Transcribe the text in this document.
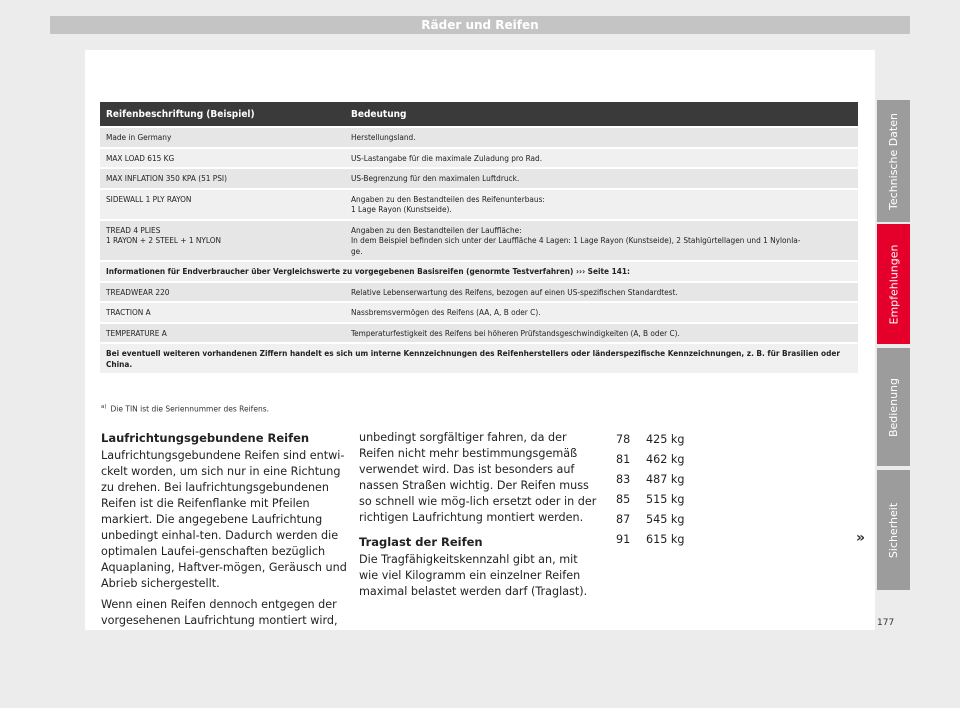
Räder und Reifen
Reifenbeschriftung (Beispiel)	Bedeutung
Made in Germany	Herstellungsland.
MAX LOAD 615 KG	US-Lastangabe für die maximale Zuladung pro Rad.
MAX INFLATION 350 KPA (51 PSI)	US-Begrenzung für den maximalen Luftdruck.
SIDEWALL 1 PLY RAYON	Angaben zu den Bestandteilen des Reifenunterbaus:
1 Lage Rayon (Kunstseide).
TREAD 4 PLIES
1 RAYON + 2 STEEL + 1 NYLON	Angaben zu den Bestandteilen der Lauffläche:
In dem Beispiel befinden sich unter der Lauffläche 4 Lagen: 1 Lage Rayon (Kunstseide), 2 Stahlgürtellagen und 1 Nylonla-
ge.
Informationen für Endverbraucher über Vergleichswerte zu vorgegebenen Basisreifen (genormte Testverfahren) ››› Seite 141:	
TREADWEAR 220	Relative Lebenserwartung des Reifens, bezogen auf einen US-spezifischen Standardtest.
TRACTION A	Nassbremsvermögen des Reifens (AA, A, B oder C).
TEMPERATURE A	Temperaturfestigkeit des Reifens bei höheren Prüfstandsgeschwindigkeiten (A, B oder C).
Bei eventuell weiteren vorhandenen Ziffern handelt es sich um interne Kennzeichnungen des Reifenherstellers oder länderspezifische Kennzeichnungen, z. B. für Brasilien oder China.	
$^{a)}$ Die TIN ist die Seriennummer des Reifens.
Laufrichtungsgebundene Reifen

Laufrichtungsgebundene Reifen sind entwi-ckelt worden, um sich nur in eine Richtung zu drehen. Bei laufrichtungsgebundenen Reifen ist die Reifenflanke mit Pfeilen markiert. Die angegebene Laufrichtung unbedingt einhal-ten. Dadurch werden die optimalen Laufei-genschaften bezüglich Aquaplaning, Haftver-mögen, Geräusch und Abrieb sichergestellt.

Wenn einen Reifen dennoch entgegen der vorgesehenen Laufrichtung montiert wird,

unbedingt sorgfältiger fahren, da der Reifen nicht mehr bestimmungsgemäß verwendet wird. Das ist besonders auf nassen Straßen wichtig. Der Reifen muss so schnell wie mög-lich ersetzt oder in der richtigen Laufrichtung montiert werden.

Traglast der Reifen

Die Tragfähigkeitskennzahl gibt an, mit wie viel Kilogramm ein einzelner Reifen maximal belastet werden darf (Traglast).

78	425 kg
81	462 kg
83	487 kg
85	515 kg
87	545 kg
91	615 kg
Technische Daten
Empfehlungen
Bedienung
Sicherheit
»
177
